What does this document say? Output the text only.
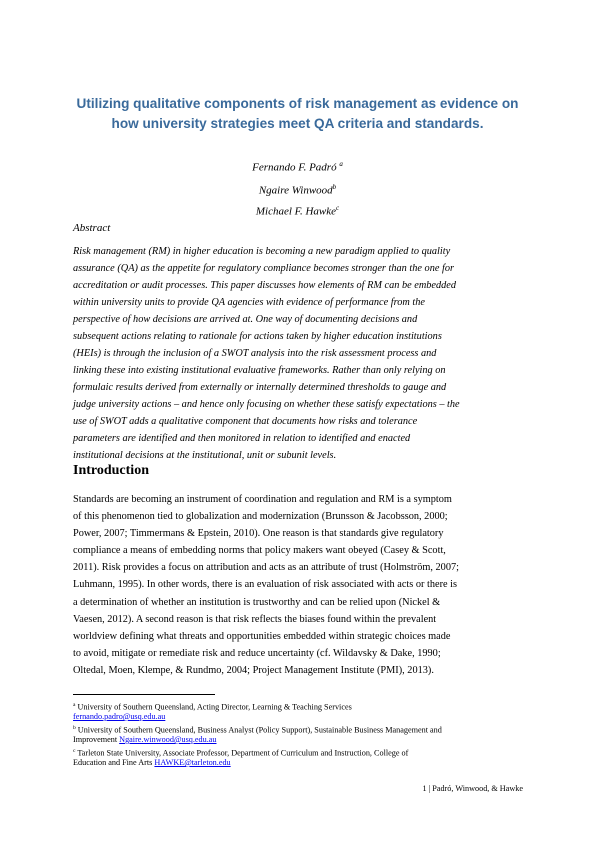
Utilizing qualitative components of risk management as evidence on
how university strategies meet QA criteria and standards.
Fernando F. Padró $^a$
Ngaire Winwood$^b$
Michael F. Hawke$^c$
Abstract
Risk management (RM) in higher education is becoming a new paradigm applied to quality
assurance (QA) as the appetite for regulatory compliance becomes stronger than the one for
accreditation or audit processes. This paper discusses how elements of RM can be embedded
within university units to provide QA agencies with evidence of performance from the
perspective of how decisions are arrived at. One way of documenting decisions and
subsequent actions relating to rationale for actions taken by higher education institutions
(HEIs) is through the inclusion of a SWOT analysis into the risk assessment process and
linking these into existing institutional evaluative frameworks. Rather than only relying on
formulaic results derived from externally or internally determined thresholds to gauge and
judge university actions – and hence only focusing on whether these satisfy expectations – the
use of SWOT adds a qualitative component that documents how risks and tolerance
parameters are identified and then monitored in relation to identified and enacted
institutional decisions at the institutional, unit or subunit levels.
Introduction
Standards are becoming an instrument of coordination and regulation and RM is a symptom
of this phenomenon tied to globalization and modernization (Brunsson & Jacobsson, 2000;
Power, 2007; Timmermans & Epstein, 2010). One reason is that standards give regulatory
compliance a means of embedding norms that policy makers want obeyed (Casey & Scott,
2011). Risk provides a focus on attribution and acts as an attribute of trust (Holmström, 2007;
Luhmann, 1995). In other words, there is an evaluation of risk associated with acts or there is
a determination of whether an institution is trustworthy and can be relied upon (Nickel &
Vaesen, 2012). A second reason is that risk reflects the biases found within the prevalent
worldview defining what threats and opportunities embedded within strategic choices made
to avoid, mitigate or remediate risk and reduce uncertainty (cf. Wildavsky & Dake, 1990;
Oltedal, Moen, Klempe, & Rundmo, 2004; Project Management Institute (PMI), 2013).
$^a$ University of Southern Queensland, Acting Director, Learning & Teaching Services
fernando.padro@usq.edu.au
$^b$ University of Southern Queensland, Business Analyst (Policy Support), Sustainable Business Management and
Improvement Ngaire.winwood@usq.edu.au
$^c$ Tarleton State University, Associate Professor, Department of Curriculum and Instruction, College of
Education and Fine Arts HAWKE@tarleton.edu
1 | Padró, Winwood, & Hawke
